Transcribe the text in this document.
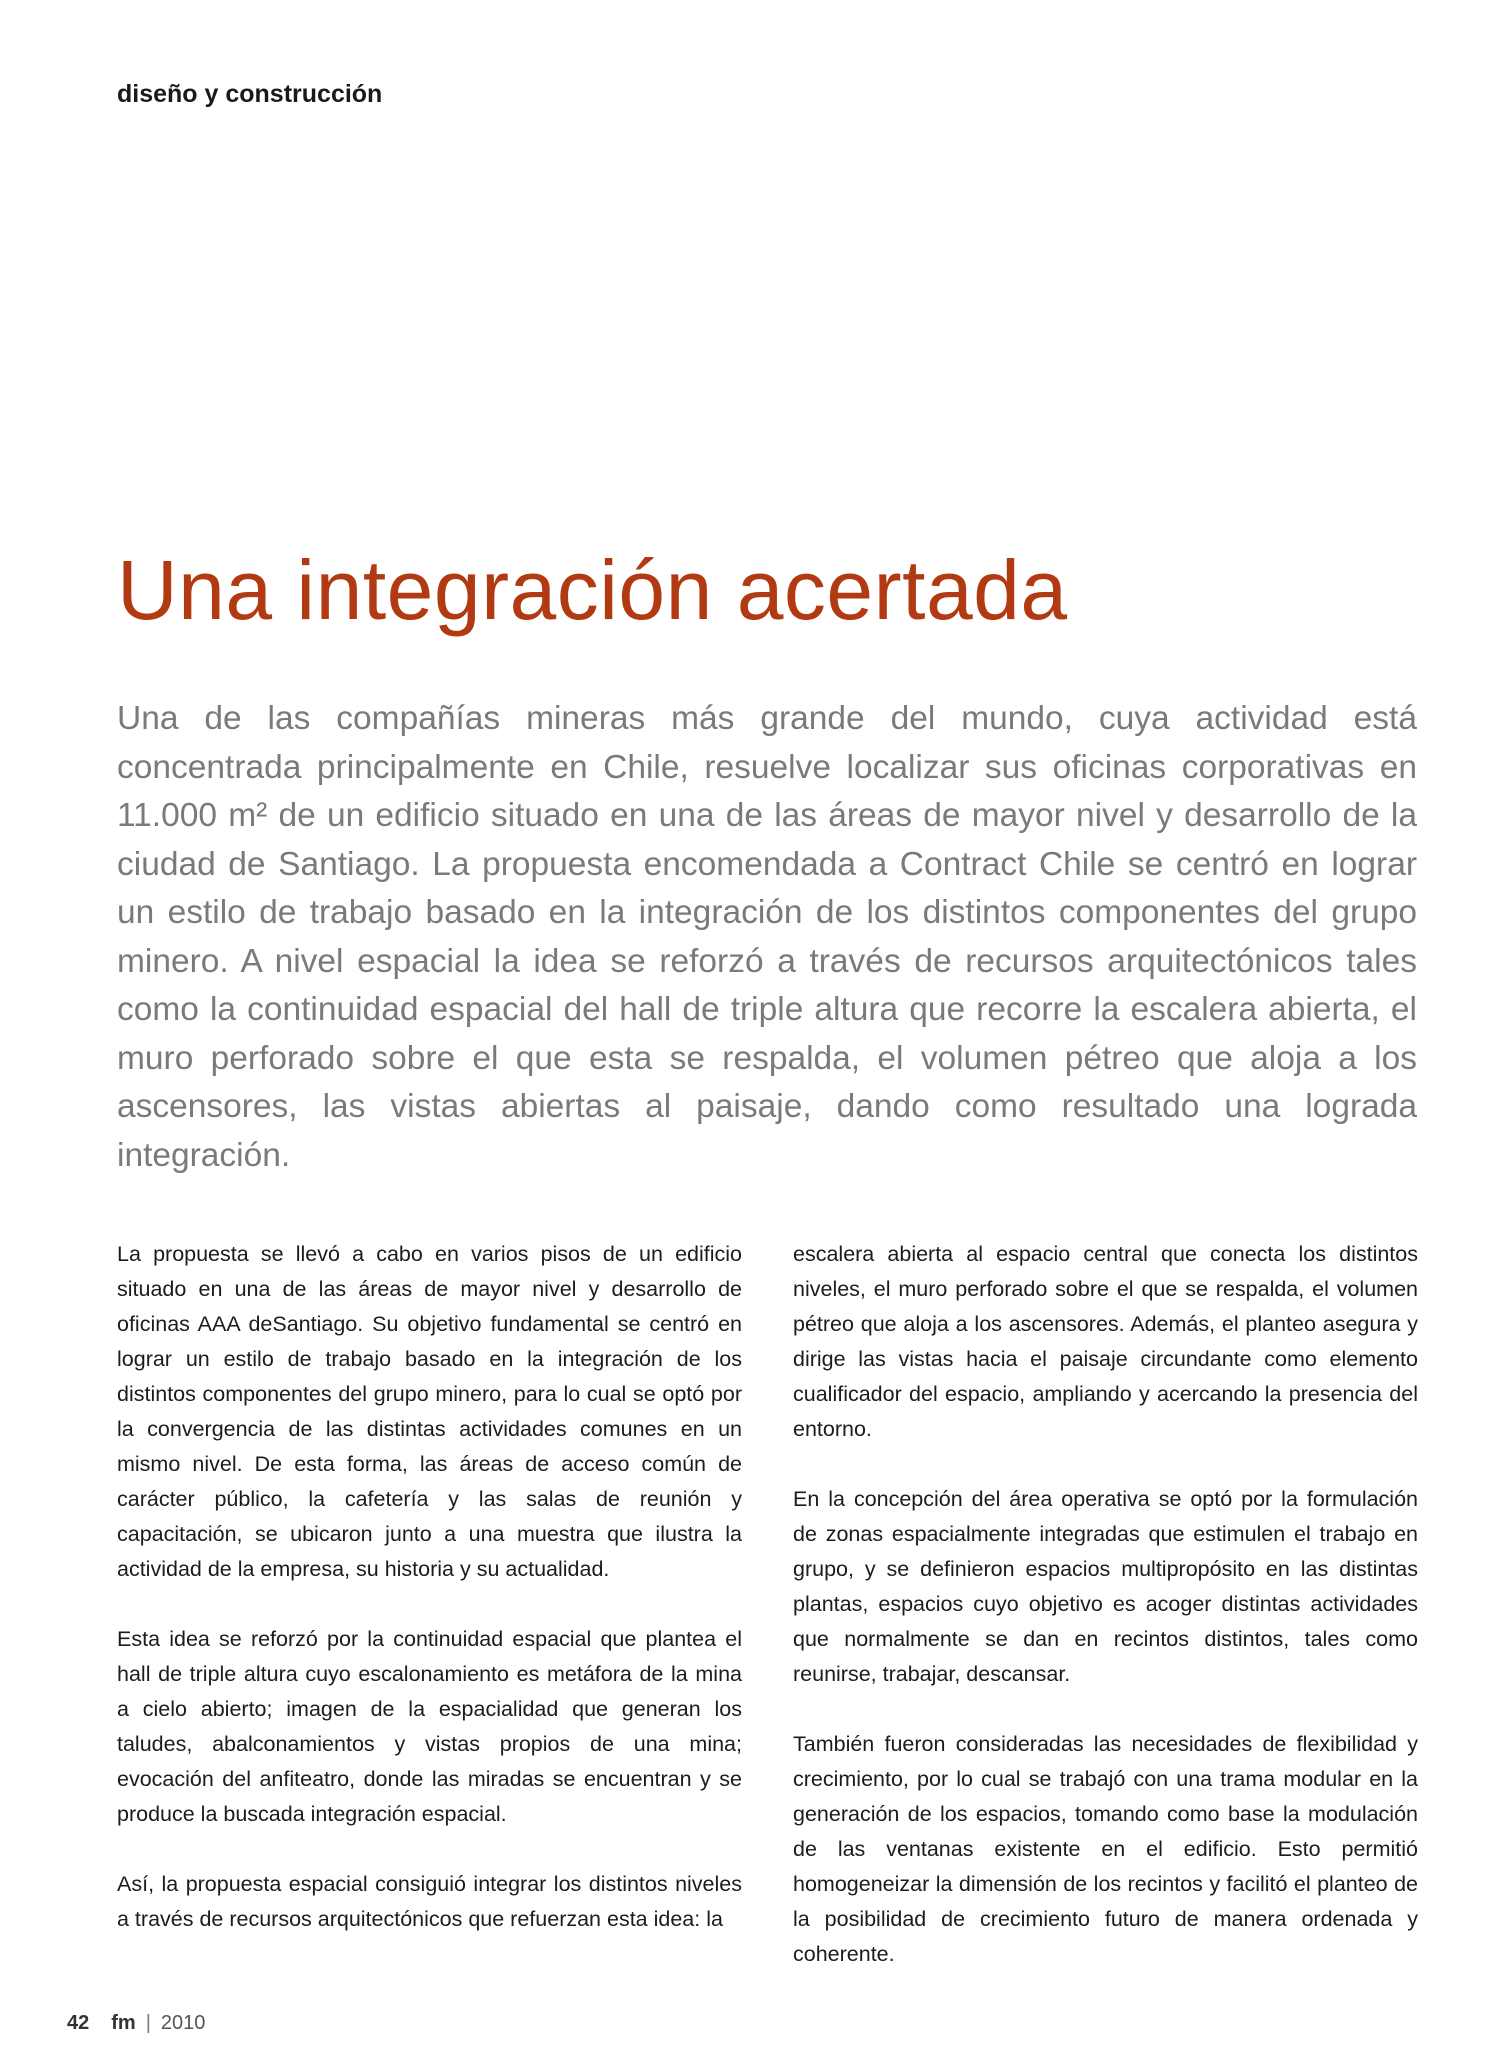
diseño y construcción
Una integración acertada

Una de las compañías mineras más grande del mundo, cuya actividad está concentrada principalmente en Chile, resuelve localizar sus oficinas corporativas en 11.000 m² de un edificio situado en una de las áreas de mayor nivel y desarrollo de la ciudad de Santiago. La propuesta encomendada a Contract Chile se centró en lograr un estilo de trabajo basado en la integración de los distintos componentes del grupo minero. A nivel espacial la idea se reforzó a través de recursos arquitectónicos tales como la continuidad espacial del hall de triple altura que recorre la escalera abierta, el muro perforado sobre el que esta se respalda, el volumen pétreo que aloja a los ascensores, las vistas abiertas al paisaje, dando como resultado una lograda integración.

La propuesta se llevó a cabo en varios pisos de un edificio situado en una de las áreas de mayor nivel y desarrollo de oficinas AAA deSantiago. Su objetivo fundamental se centró en lograr un estilo de trabajo basado en la integración de los distintos componentes del grupo minero, para lo cual se optó por la convergencia de las distintas actividades comunes en un mismo nivel. De esta forma, las áreas de acceso común de carácter público, la cafetería y las salas de reunión y capacitación, se ubicaron junto a una muestra que ilustra la actividad de la empresa, su historia y su actualidad.

Esta idea se reforzó por la continuidad espacial que plantea el hall de triple altura cuyo escalonamiento es metáfora de la mina a cielo abierto; imagen de la espacialidad que generan los taludes, abalconamientos y vistas propios de una mina; evocación del anfiteatro, donde las miradas se encuentran y se produce la buscada integración espacial.

Así, la propuesta espacial consiguió integrar los distintos niveles a través de recursos arquitectónicos que refuerzan esta idea: la

escalera abierta al espacio central que conecta los distintos niveles, el muro perforado sobre el que se respalda, el volumen pétreo que aloja a los ascensores. Además, el planteo asegura y dirige las vistas hacia el paisaje circundante como elemento cualificador del espacio, ampliando y acercando la presencia del entorno.

En la concepción del área operativa se optó por la formulación de zonas espacialmente integradas que estimulen el trabajo en grupo, y se definieron espacios multipropósito en las distintas plantas, espacios cuyo objetivo es acoger distintas actividades que normalmente se dan en recintos distintos, tales como reunirse, trabajar, descansar.

También fueron consideradas las necesidades de flexibilidad y crecimiento, por lo cual se trabajó con una trama modular en la generación de los espacios, tomando como base la modulación de las ventanas existente en el edificio. Esto permitió homogeneizar la dimensión de los recintos y facilitó el planteo de la posibilidad de crecimiento futuro de manera ordenada y coherente.

42 fm | 2010
